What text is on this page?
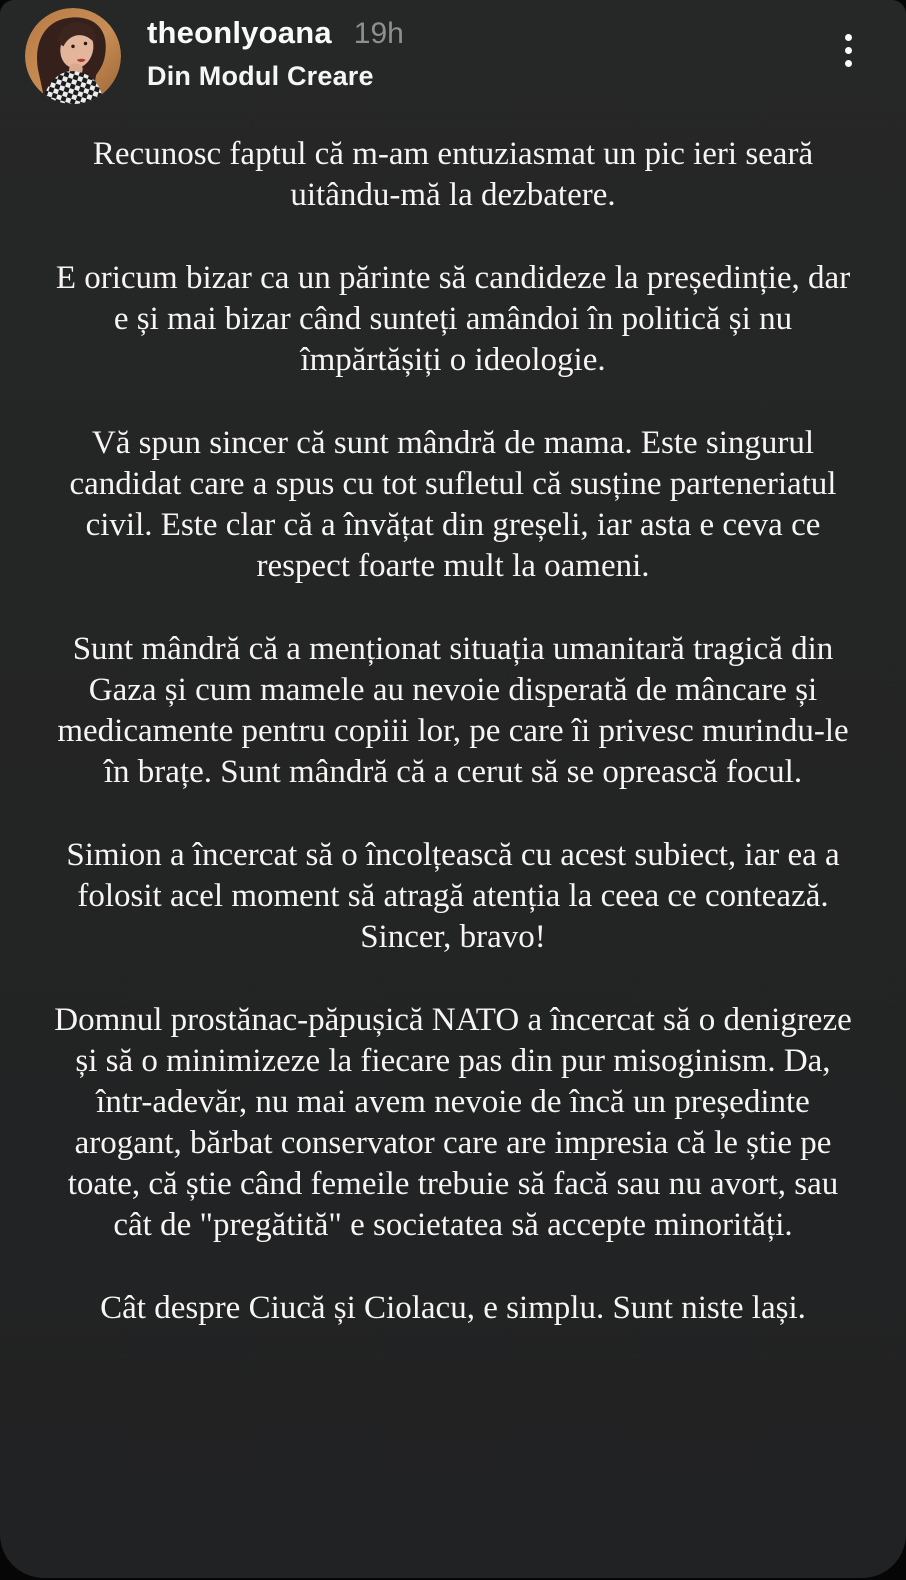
theonlyoana 19h
Din Modul Creare

Recunosc faptul că m-am entuziasmat un pic ieri seară uitându-mă la dezbatere.

E oricum bizar ca un părinte să candideze la președinție, dar e și mai bizar când sunteți amândoi în politică și nu împărtășiți o ideologie.

Vă spun sincer că sunt mândră de mama. Este singurul candidat care a spus cu tot sufletul că susține parteneriatul civil. Este clar că a învățat din greșeli, iar asta e ceva ce respect foarte mult la oameni.

Sunt mândră că a menționat situația umanitară tragică din Gaza și cum mamele au nevoie disperată de mâncare și medicamente pentru copiii lor, pe care îi privesc murindu-le în brațe. Sunt mândră că a cerut să se oprească focul.

Simion a încercat să o încolțească cu acest subiect, iar ea a folosit acel moment să atragă atenția la ceea ce contează. Sincer, bravo!

Domnul prostănac-păpușică NATO a încercat să o denigreze și să o minimizeze la fiecare pas din pur misoginism. Da, într-adevăr, nu mai avem nevoie de încă un președinte arogant, bărbat conservator care are impresia că le știe pe toate, că știe când femeile trebuie să facă sau nu avort, sau cât de "pregătită" e societatea să accepte minorități.

Cât despre Ciucă și Ciolacu, e simplu. Sunt niste lași.
